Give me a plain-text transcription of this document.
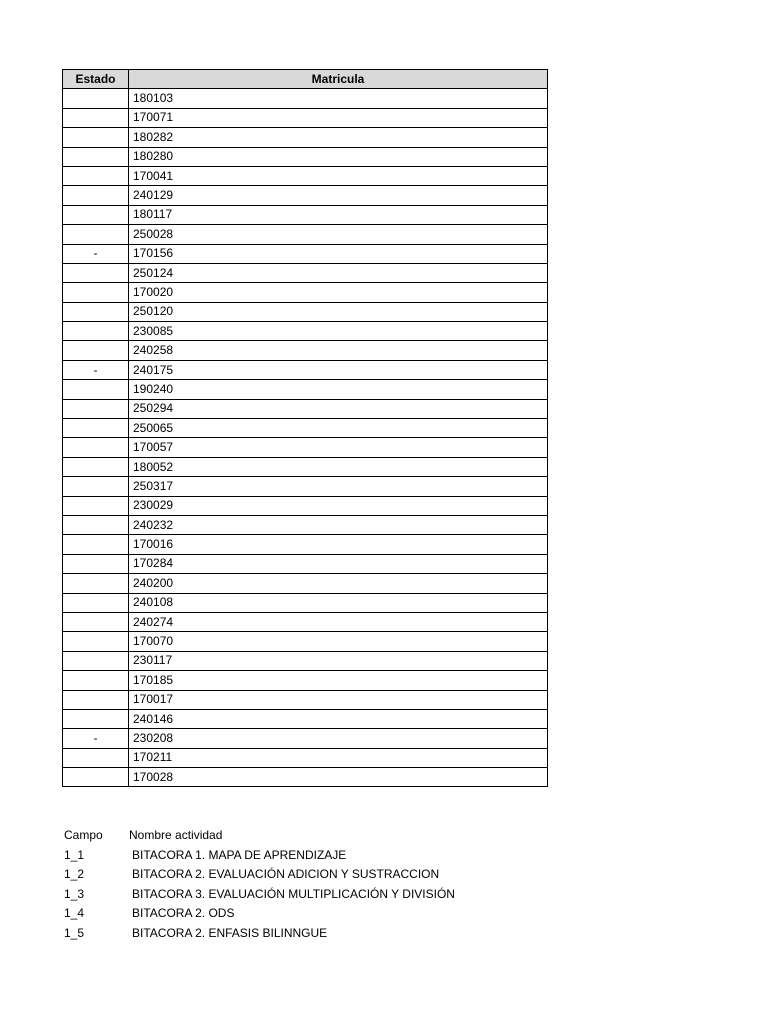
Estado	Matricula
	180103
	170071
	180282
	180280
	170041
	240129
	180117
	250028
-	170156
	250124
	170020
	250120
	230085
	240258
-	240175
	190240
	250294
	250065
	170057
	180052
	250317
	230029
	240232
	170016
	170284
	240200
	240108
	240274
	170070
	230117
	170185
	170017
	240146
-	230208
	170211
	170028
Campo	Nombre actividad
1_1	BITACORA 1. MAPA DE APRENDIZAJE
1_2	BITACORA 2. EVALUACIÓN ADICION Y SUSTRACCION
1_3	BITACORA 3. EVALUACIÓN MULTIPLICACIÓN Y DIVISIÓN
1_4	BITACORA 2. ODS
1_5	BITACORA 2. ENFASIS BILINNGUE
